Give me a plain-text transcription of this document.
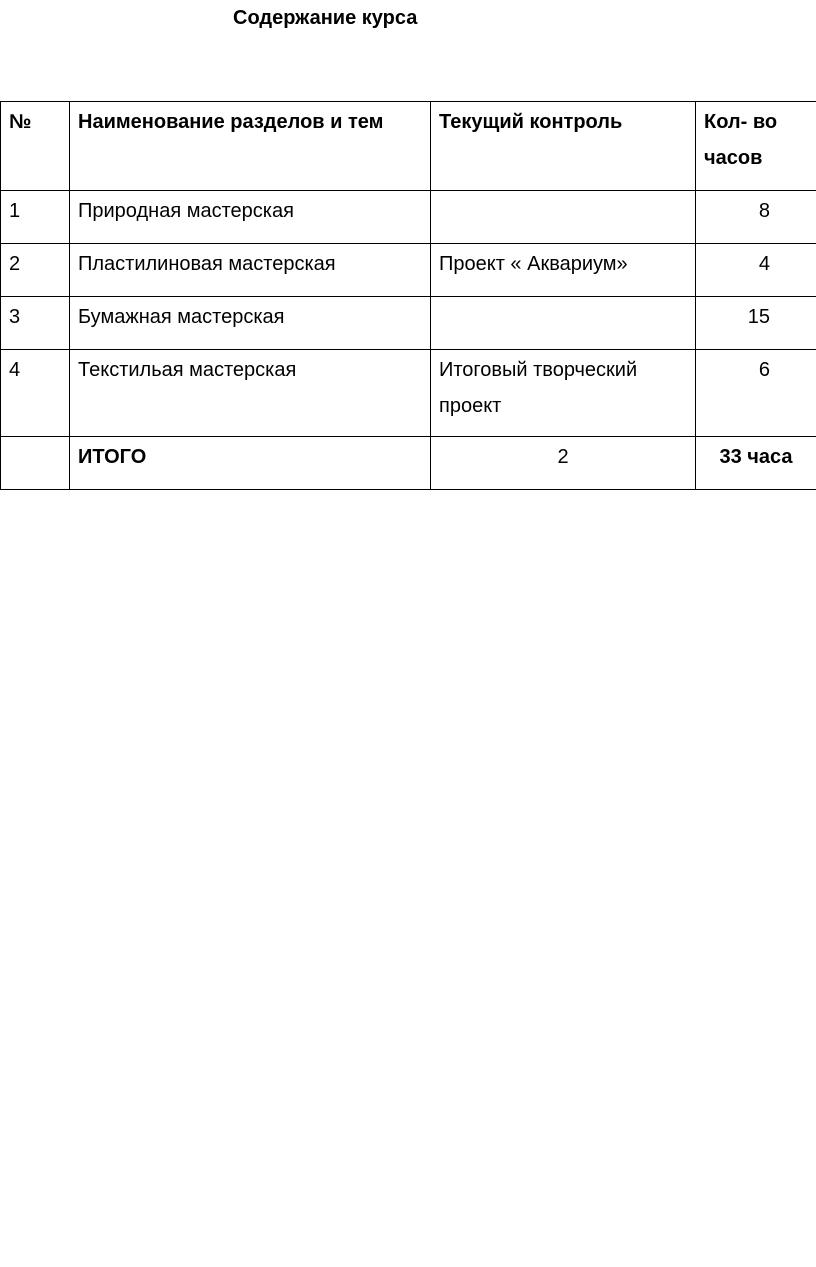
Содержание курса
№	Наименование разделов и тем	Текущий контроль	Кол- во часов
1	Природная мастерская		8
2	Пластилиновая мастерская	Проект « Аквариум»	4
3	Бумажная мастерская		15
4	Текстильая мастерская	Итоговый творческий проект	6
	ИТОГО	2	33 часа
